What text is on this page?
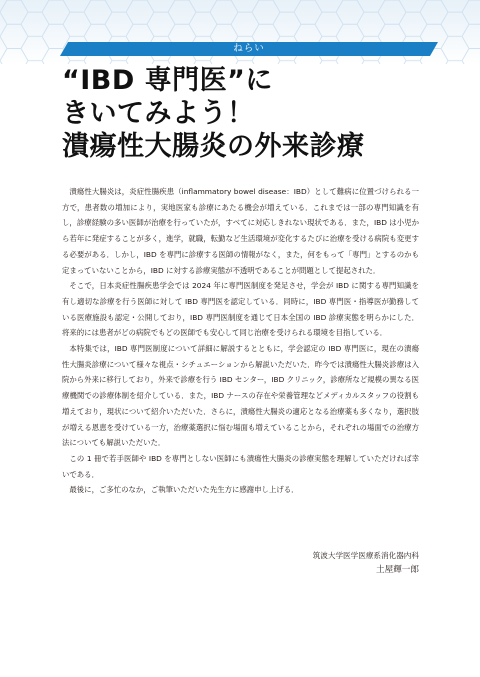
ねらい
“IBD 専門医”に
きいてみよう！
潰瘍性大腸炎の外来診療

潰瘍性大腸炎は，炎症性腸疾患（inflammatory bowel disease：IBD）として難病に位置づけられる一方で，患者数の増加により，実地医家も診療にあたる機会が増えている．これまでは一部の専門知識を有し，診療経験の多い医師が治療を行っていたが，すべてに対応しきれない現状である．また，IBD は小児から若年に発症することが多く，進学，就職，転勤など生活環境が変化するたびに治療を受ける病院も変更する必要がある．しかし，IBD を専門に診療する医師の情報がなく，また，何をもって「専門」とするのかも定まっていないことから，IBD に対する診療実態が不透明であることが問題として提起された．

そこで，日本炎症性腸疾患学会では 2024 年に専門医制度を発足させ，学会が IBD に関する専門知識を有し適切な診療を行う医師に対して IBD 専門医を認定している．同時に，IBD 専門医・指導医が勤務している医療施設も認定・公開しており，IBD 専門医制度を通じて日本全国の IBD 診療実態を明らかにした．将来的には患者がどの病院でもどの医師でも安心して同じ治療を受けられる環境を目指している．

本特集では，IBD 専門医制度について詳細に解説するとともに，学会認定の IBD 専門医に，現在の潰瘍性大腸炎診療について様々な視点・シチュエーションから解説いただいた．昨今では潰瘍性大腸炎診療は入院から外来に移行しており，外来で診療を行う IBD センター，IBD クリニック，診療所など規模の異なる医療機関での診療体制を紹介している．また，IBD ナースの存在や栄養管理などメディカルスタッフの役割も増えており，現状について紹介いただいた．さらに，潰瘍性大腸炎の適応となる治療薬も多くなり，選択肢が増える恩恵を受けている一方，治療薬選択に悩む場面も増えていることから，それぞれの場面での治療方法についても解説いただいた．

この 1 冊で若手医師や IBD を専門としない医師にも潰瘍性大腸炎の診療実態を理解していただければ幸いである．

最後に，ご多忙のなか，ご執筆いただいた先生方に感謝申し上げる．

筑波大学医学医療系消化器内科
土屋輝一郎
